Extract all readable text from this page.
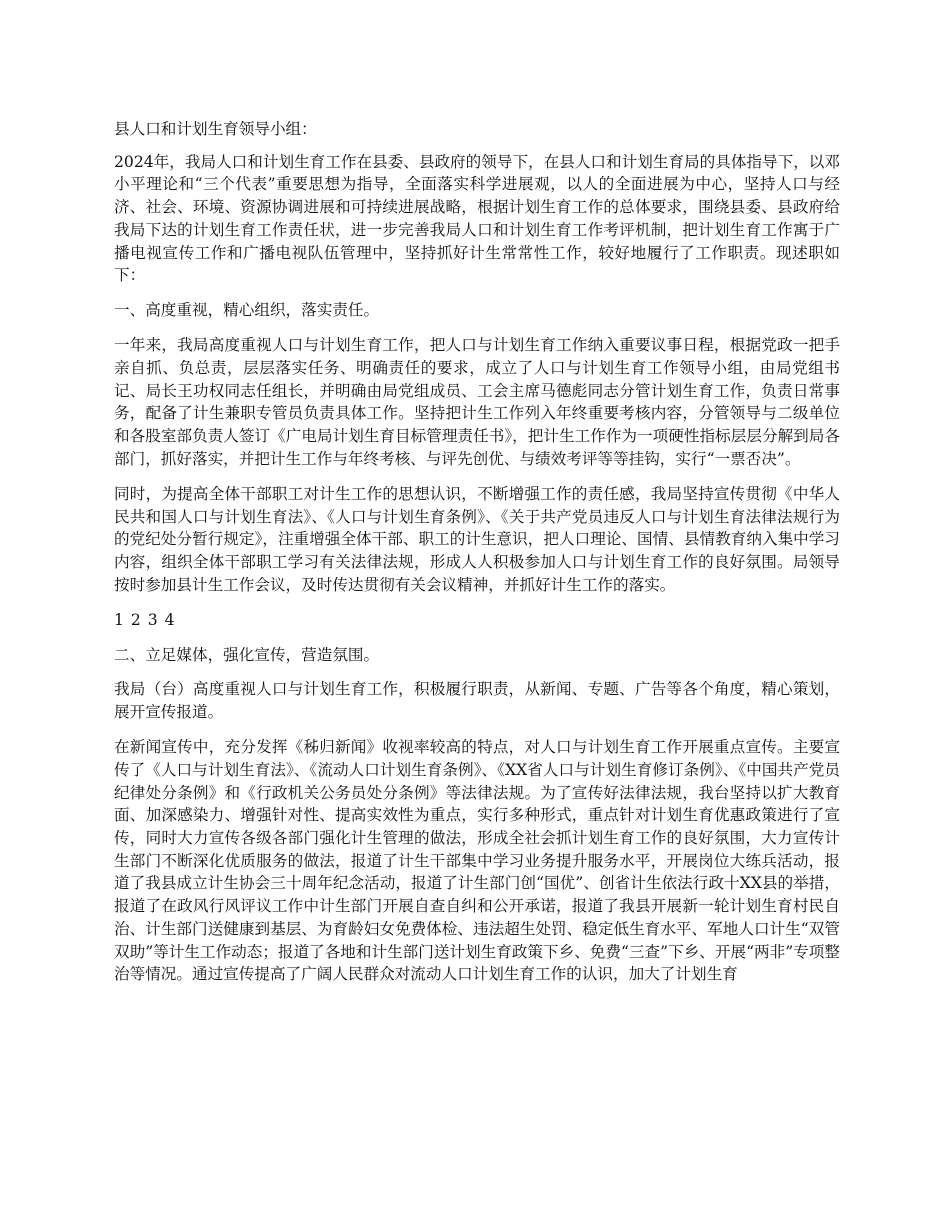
县人口和计划生育领导小组：

2024年，我局人口和计划生育工作在县委、县政府的领导下，在县人口和计划生育局的具体指导下，以邓小平理论和“三个代表”重要思想为指导，全面落实科学进展观，以人的全面进展为中心，坚持人口与经济、社会、环境、资源协调进展和可持续进展战略，根据计划生育工作的总体要求，围绕县委、县政府给我局下达的计划生育工作责任状，进一步完善我局人口和计划生育工作考评机制，把计划生育工作寓于广播电视宣传工作和广播电视队伍管理中，坚持抓好计生常常性工作，较好地履行了工作职责。现述职如下：

一、高度重视，精心组织，落实责任。

一年来，我局高度重视人口与计划生育工作，把人口与计划生育工作纳入重要议事日程，根据党政一把手亲自抓、负总责，层层落实任务、明确责任的要求，成立了人口与计划生育工作领导小组，由局党组书记、局长王功权同志任组长，并明确由局党组成员、工会主席马德彪同志分管计划生育工作，负责日常事务，配备了计生兼职专管员负责具体工作。坚持把计生工作列入年终重要考核内容，分管领导与二级单位和各股室部负责人签订《广电局计划生育目标管理责任书》，把计生工作作为一项硬性指标层层分解到局各部门，抓好落实，并把计生工作与年终考核、与评先创优、与绩效考评等等挂钩，实行“一票否决”。

同时，为提高全体干部职工对计生工作的思想认识，不断增强工作的责任感，我局坚持宣传贯彻《中华人民共和国人口与计划生育法》、《人口与计划生育条例》、《关于共产党员违反人口与计划生育法律法规行为的党纪处分暂行规定》，注重增强全体干部、职工的计生意识，把人口理论、国情、县情教育纳入集中学习内容，组织全体干部职工学习有关法律法规，形成人人积极参加人口与计划生育工作的良好氛围。局领导按时参加县计生工作会议，及时传达贯彻有关会议精神，并抓好计生工作的落实。

1 2 3 4

二、立足媒体，强化宣传，营造氛围。

我局（台）高度重视人口与计划生育工作，积极履行职责，从新闻、专题、广告等各个角度，精心策划，展开宣传报道。

在新闻宣传中，充分发挥《秭归新闻》收视率较高的特点，对人口与计划生育工作开展重点宣传。主要宣传了《人口与计划生育法》、《流动人口计划生育条例》、《XX省人口与计划生育修订条例》、《中国共产党员纪律处分条例》和《行政机关公务员处分条例》等法律法规。为了宣传好法律法规，我台坚持以扩大教育面、加深感染力、增强针对性、提高实效性为重点，实行多种形式，重点针对计划生育优惠政策进行了宣传，同时大力宣传各级各部门强化计生管理的做法，形成全社会抓计划生育工作的良好氛围，大力宣传计生部门不断深化优质服务的做法，报道了计生干部集中学习业务提升服务水平，开展岗位大练兵活动，报道了我县成立计生协会三十周年纪念活动，报道了计生部门创“国优”、创省计生依法行政十XX县的举措，报道了在政风行风评议工作中计生部门开展自查自纠和公开承诺，报道了我县开展新一轮计划生育村民自治、计生部门送健康到基层、为育龄妇女免费体检、违法超生处罚、稳定低生育水平、军地人口计生“双管双助”等计生工作动态；报道了各地和计生部门送计划生育政策下乡、免费“三查”下乡、开展“两非”专项整治等情况。通过宣传提高了广阔人民群众对流动人口计划生育工作的认识，加大了计划生育
